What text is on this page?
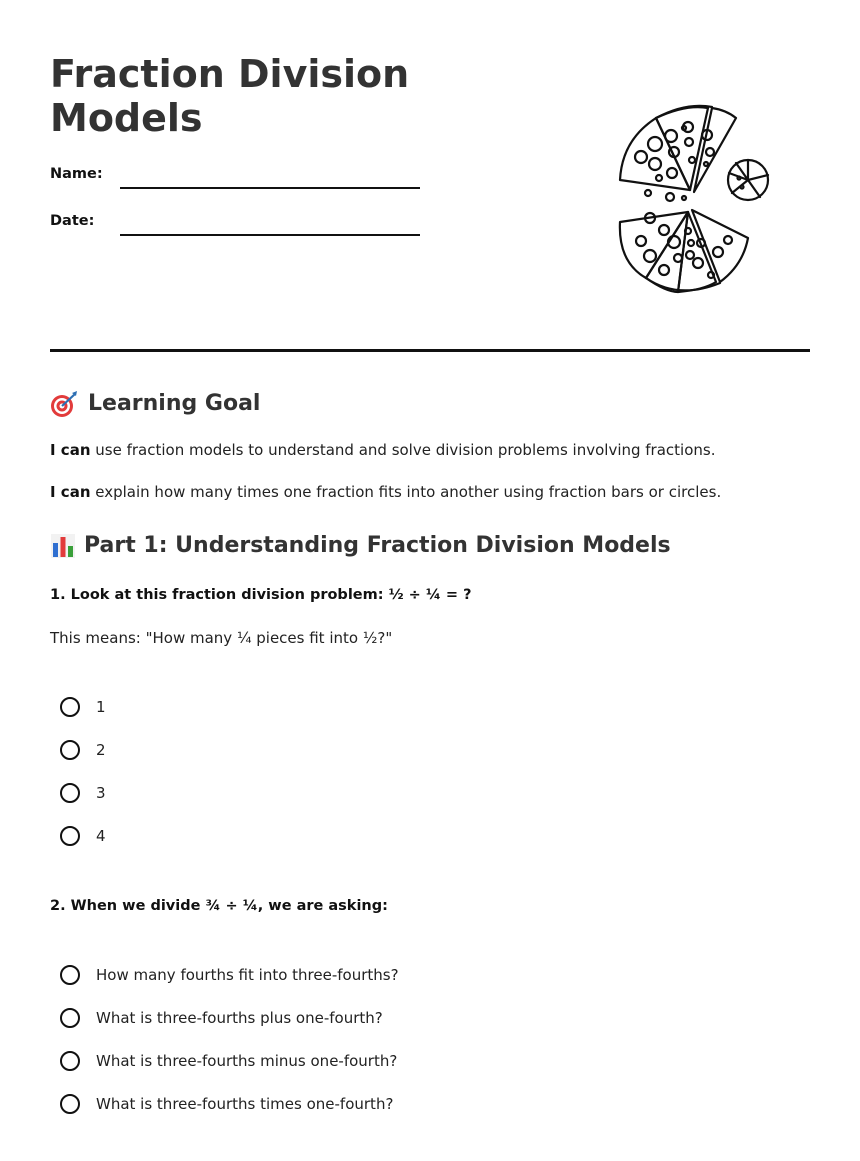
Fraction Division Models
Name:
Date:
Learning Goal

I can use fraction models to understand and solve division problems involving fractions.

I can explain how many times one fraction fits into another using fraction bars or circles.

Part 1: Understanding Fraction Division Models

1. Look at this fraction division problem: ½ ÷ ¼ = ?

This means: "How many ¼ pieces fit into ½?"

1
2
3
4

2. When we divide ¾ ÷ ¼, we are asking:

How many fourths fit into three-fourths?
What is three-fourths plus one-fourth?
What is three-fourths minus one-fourth?
What is three-fourths times one-fourth?
